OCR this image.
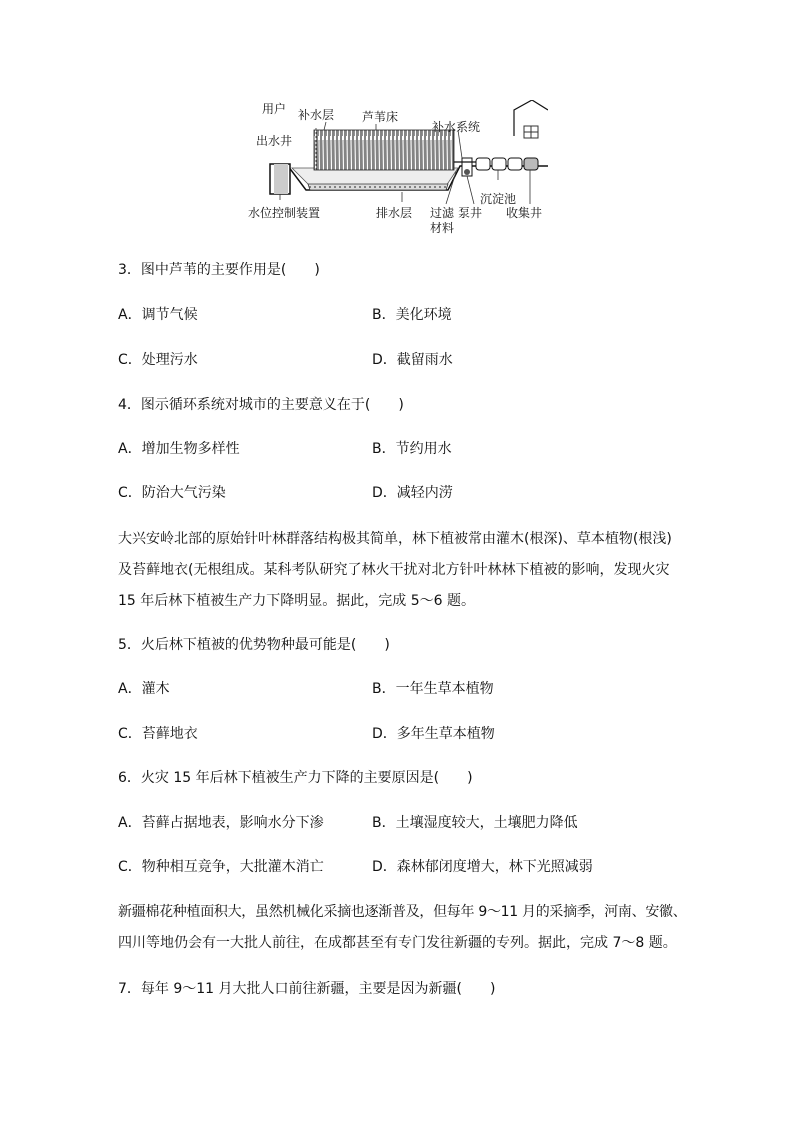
用户
出水井
补水层 芦苇床
补水系统
水位控制装置	排水层 过滤
材料
泵井
沉淀池
收集井
3．图中芦苇的主要作用是(　　)
A．调节气候	B．美化环境
C．处理污水	D．截留雨水
4．图示循环系统对城市的主要意义在于(　　)
A．增加生物多样性	B．节约用水
C．防治大气污染	D．减轻内涝
大兴安岭北部的原始针叶林群落结构极其简单，林下植被常由灌木(根深)、草本植物(根浅)
及苔藓地衣(无根组成。某科考队研究了林火干扰对北方针叶林林下植被的影响，发现火灾
15 年后林下植被生产力下降明显。据此，完成 5～6 题。
5．火后林下植被的优势物种最可能是(　　)
A．灌木	B．一年生草本植物
C．苔藓地衣	D．多年生草本植物
6．火灾 15 年后林下植被生产力下降的主要原因是(　　)
A．苔藓占据地表，影响水分下渗	B．土壤湿度较大，土壤肥力降低
C．物种相互竞争，大批灌木消亡	D．森林郁闭度增大，林下光照减弱
新疆棉花种植面积大，虽然机械化采摘也逐渐普及，但每年 9～11 月的采摘季，河南、安徽、
四川等地仍会有一大批人前往，在成都甚至有专门发往新疆的专列。据此，完成 7～8 题。
7．每年 9～11 月大批人口前往新疆，主要是因为新疆(　　)
